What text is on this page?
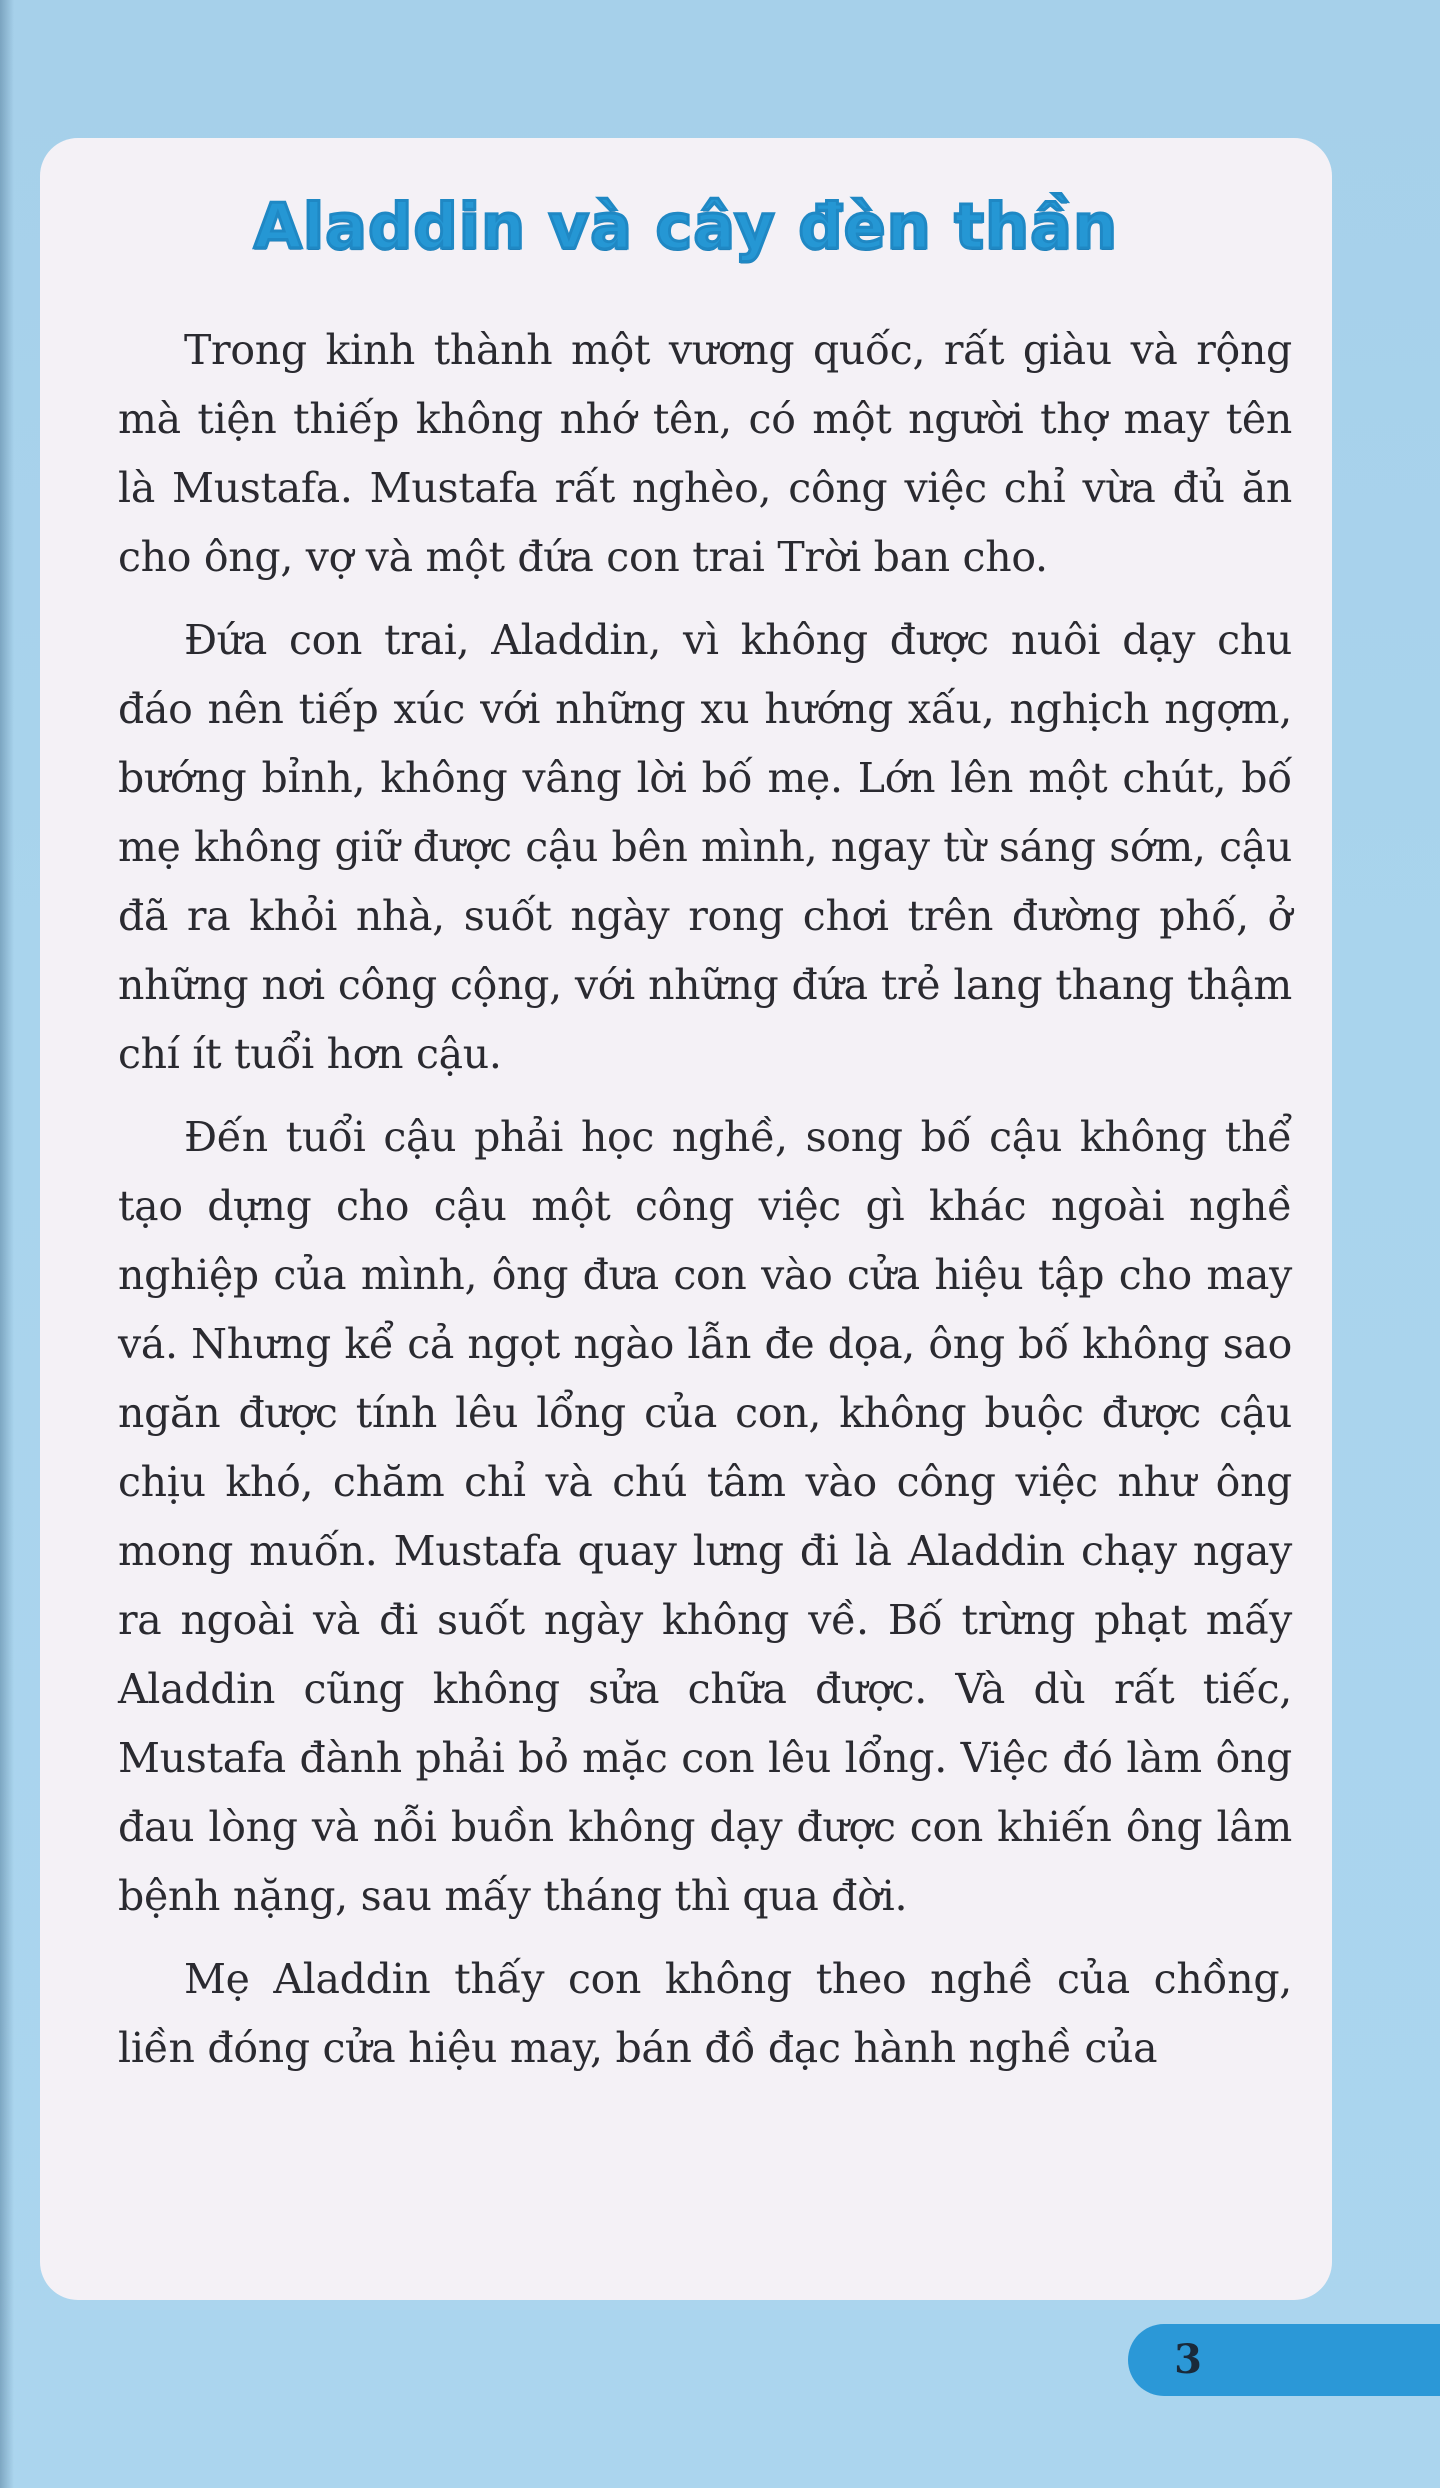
Aladdin và cây đèn thần

Trong kinh thành một vương quốc, rất giàu và rộng mà tiện thiếp không nhớ tên, có một người thợ may tên là Mustafa. Mustafa rất nghèo, công việc chỉ vừa đủ ăn cho ông, vợ và một đứa con trai Trời ban cho.

Đứa con trai, Aladdin, vì không được nuôi dạy chu đáo nên tiếp xúc với những xu hướng xấu, nghịch ngợm, bướng bỉnh, không vâng lời bố mẹ. Lớn lên một chút, bố mẹ không giữ được cậu bên mình, ngay từ sáng sớm, cậu đã ra khỏi nhà, suốt ngày rong chơi trên đường phố, ở những nơi công cộng, với những đứa trẻ lang thang thậm chí ít tuổi hơn cậu.

Đến tuổi cậu phải học nghề, song bố cậu không thể tạo dựng cho cậu một công việc gì khác ngoài nghề nghiệp của mình, ông đưa con vào cửa hiệu tập cho may vá. Nhưng kể cả ngọt ngào lẫn đe dọa, ông bố không sao ngăn được tính lêu lổng của con, không buộc được cậu chịu khó, chăm chỉ và chú tâm vào công việc như ông mong muốn. Mustafa quay lưng đi là Aladdin chạy ngay ra ngoài và đi suốt ngày không về. Bố trừng phạt mấy Aladdin cũng không sửa chữa được. Và dù rất tiếc, Mustafa đành phải bỏ mặc con lêu lổng. Việc đó làm ông đau lòng và nỗi buồn không dạy được con khiến ông lâm bệnh nặng, sau mấy tháng thì qua đời.

Mẹ Aladdin thấy con không theo nghề của chồng, liền đóng cửa hiệu may, bán đồ đạc hành nghề của

3
